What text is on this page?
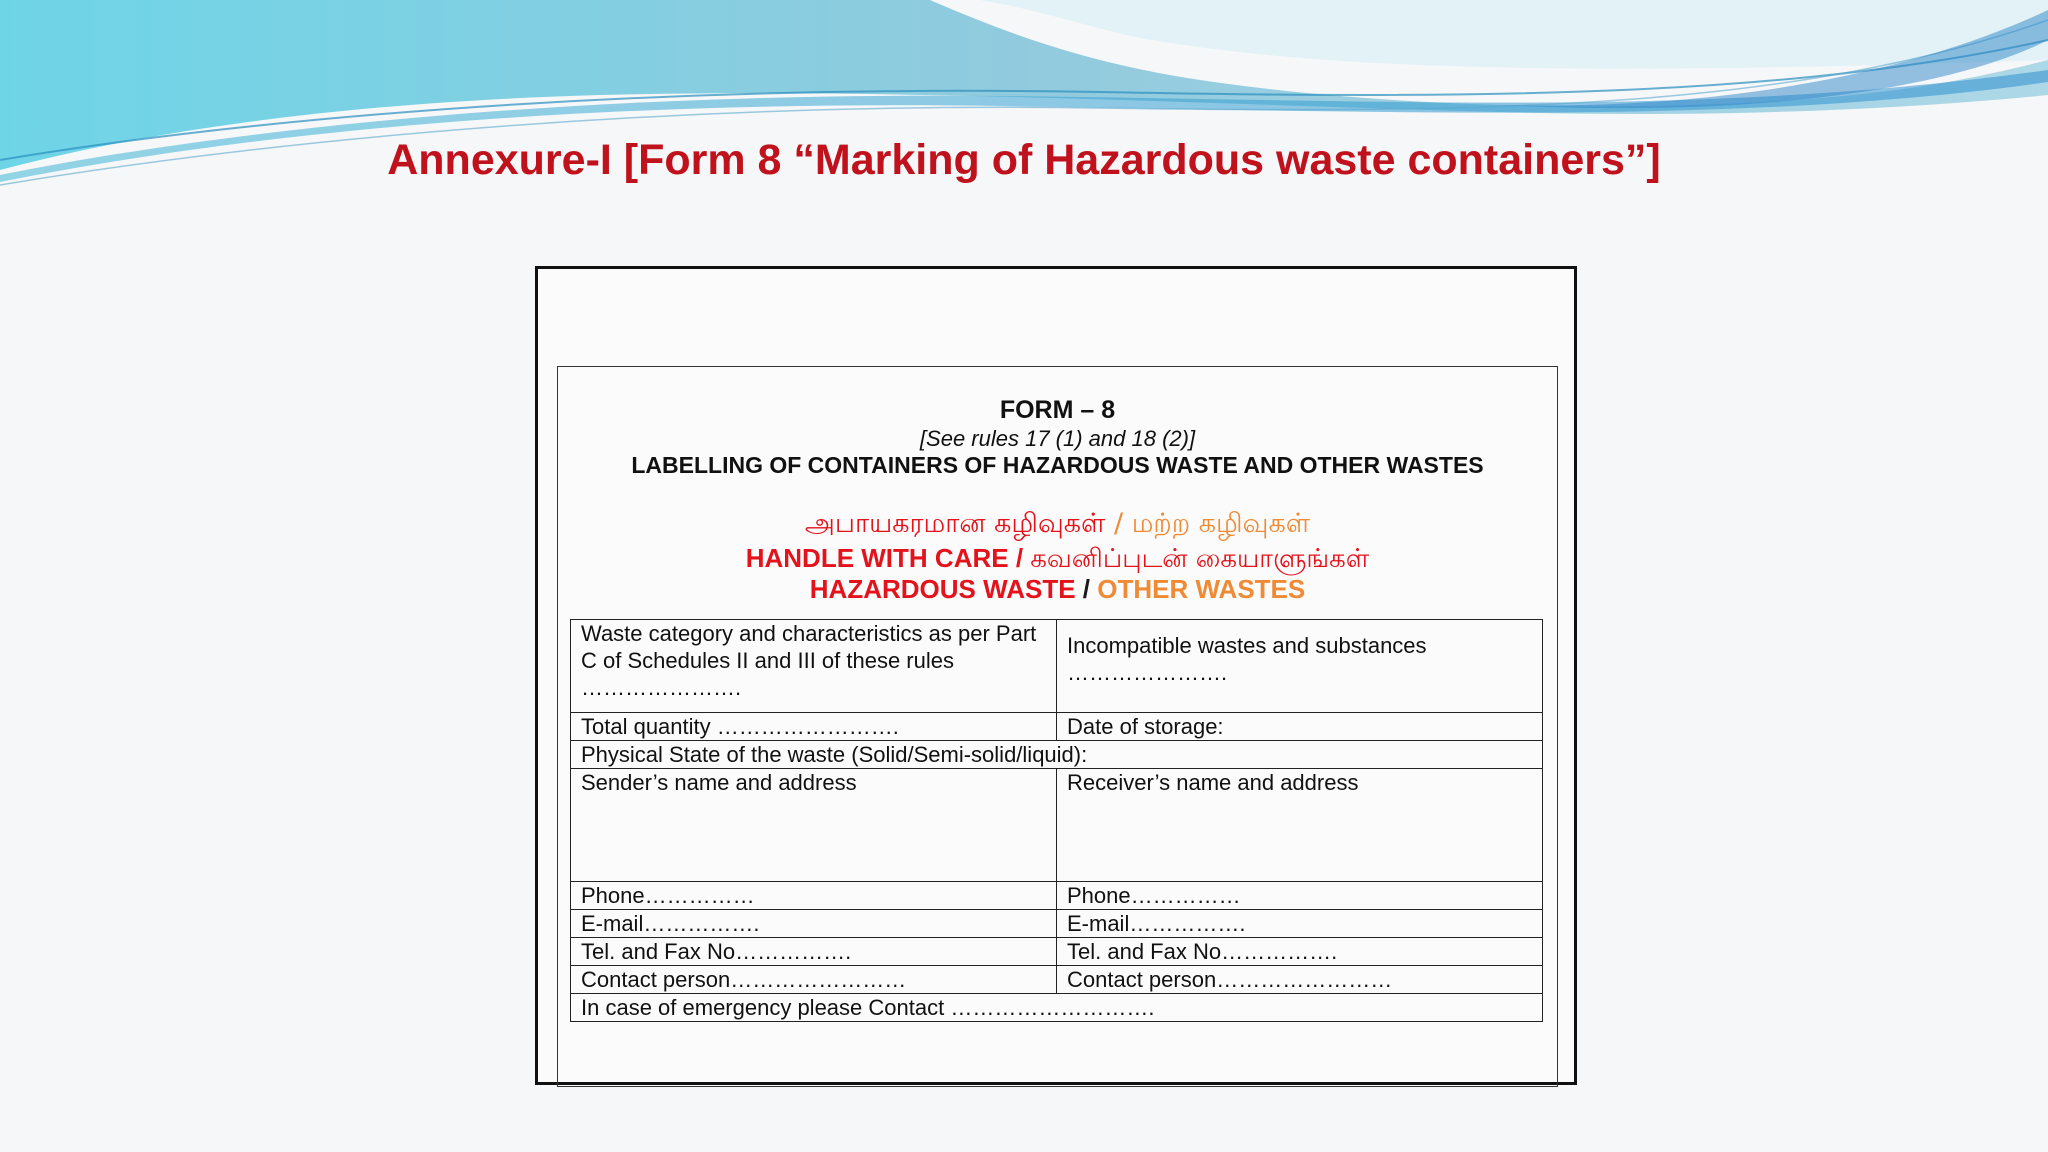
Annexure-I [Form 8 “Marking of Hazardous waste containers”]
FORM – 8
[See rules 17 (1) and 18 (2)]
LABELLING OF CONTAINERS OF HAZARDOUS WASTE AND OTHER WASTES
அபாயகரமான கழிவுகள் / மற்ற கழிவுகள்
HANDLE WITH CARE / கவனிப்புடன் கையாளுங்கள்
HAZARDOUS WASTE / OTHER WASTES
Waste category and characteristics as per Part C of Schedules II and III of these rules ………………….	Incompatible wastes and substances ………………….
Total quantity …………………….	Date of storage:
Physical State of the waste (Solid/Semi-solid/liquid):	
Sender’s name and address	Receiver’s name and address
Phone……………	Phone……………
E-mail…………….	E-mail…………….
Tel. and Fax No…………….	Tel. and Fax No…………….
Contact person……………………	Contact person……………………
In case of emergency please Contact ……………………….	
